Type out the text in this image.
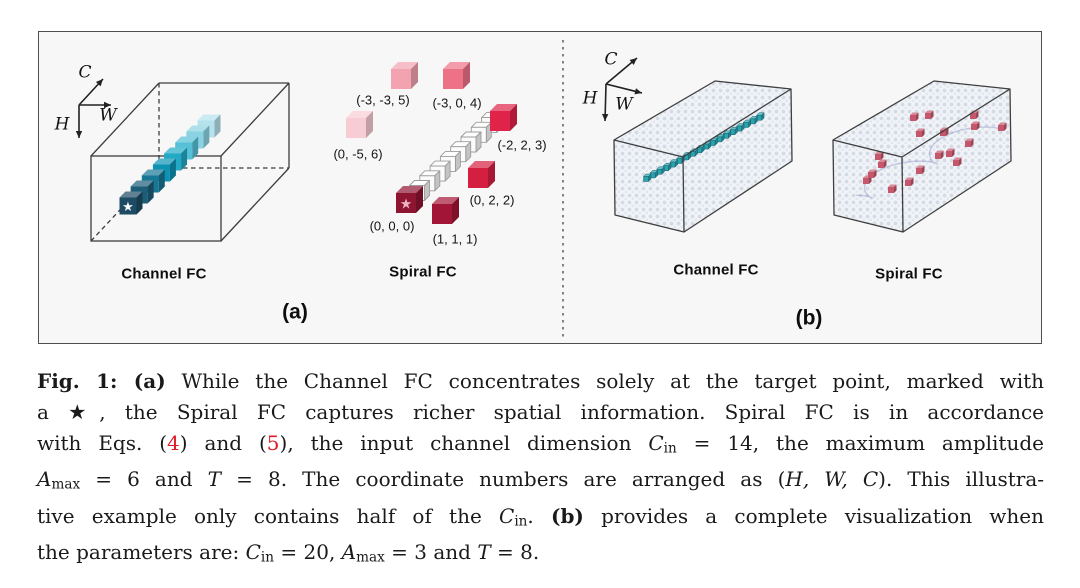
★	★
C
W
H
Channel FC	Spiral FC
(a)
(0, -5, 6)
(-3, -3, 5) (-3, 0, 4)
(-2, 2, 3)
(0, 2, 2)
(1, 1, 1)
(0, 0, 0)
C
W
H
Channel FC	Spiral FC
(b)
Fig. 1: (a) While the Channel FC concentrates solely at the target point, marked with
a ★, the Spiral FC captures richer spatial information. Spiral FC is in accordance
with Eqs. (4) and (5), the input channel dimension Cin = 14, the maximum amplitude
Amax = 6 and T = 8. The coordinate numbers are arranged as (H, W, C). This illustra-
tive example only contains half of the Cin. (b) provides a complete visualization when
the parameters are: Cin = 20, Amax = 3 and T = 8.
